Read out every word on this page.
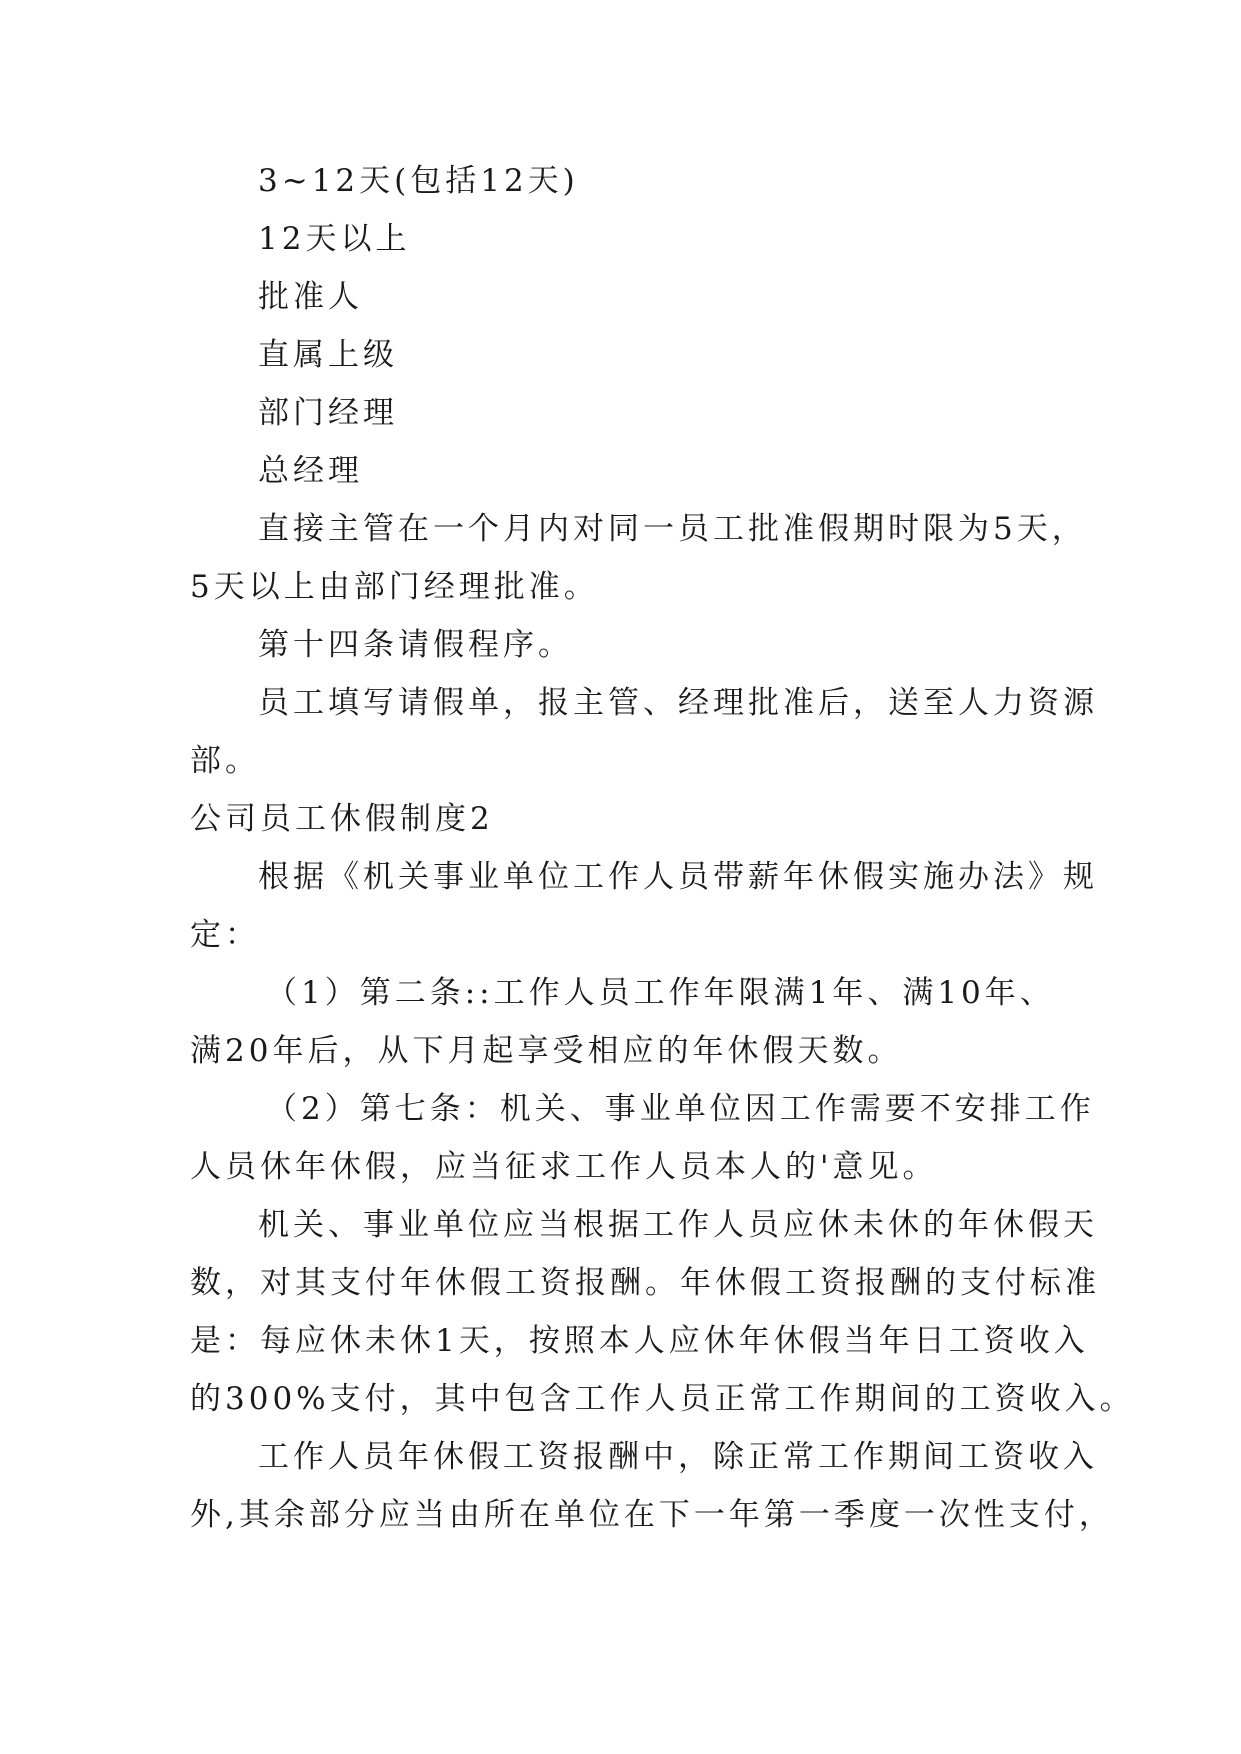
3~12天(包括12天)
12天以上
批准人
直属上级
部门经理
总经理
直接主管在一个月内对同一员工批准假期时限为5天，
5天以上由部门经理批准。
第十四条请假程序。
员工填写请假单，报主管、经理批准后，送至人力资源
部。
公司员工休假制度2
根据《机关事业单位工作人员带薪年休假实施办法》规
定：
（1）第二条::工作人员工作年限满1年、满10年、
满20年后，从下月起享受相应的年休假天数。
（2）第七条：机关、事业单位因工作需要不安排工作
人员休年休假，应当征求工作人员本人的'意见。
机关、事业单位应当根据工作人员应休未休的年休假天
数，对其支付年休假工资报酬。年休假工资报酬的支付标准
是：每应休未休1天，按照本人应休年休假当年日工资收入
的300%支付，其中包含工作人员正常工作期间的工资收入。
工作人员年休假工资报酬中，除正常工作期间工资收入
外,其余部分应当由所在单位在下一年第一季度一次性支付，
